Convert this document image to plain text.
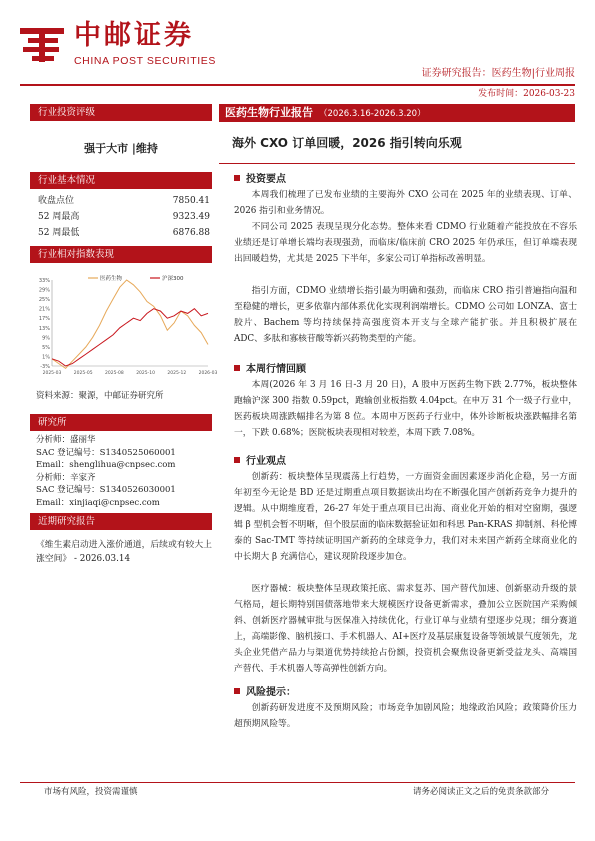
中邮证券
CHINA POST SECURITIES
证券研究报告：医药生物|行业周报
发布时间：2026-03-23
行业投资评级
强于大市 |维持
行业基本情况
收盘点位	7850.41
52 周最高	9323.49
52 周最低	6876.88
行业相对指数表现
-3%
1%
5%
9%
13%
17%
21%
25%
29%
33%
2025-03	2025-05	2025-08	2025-10	2025-12	2026-03
医药生物	沪深300
资料来源：聚源，中邮证券研究所
研究所
分析师：盛丽华
SAC 登记编号：S1340525060001
Email：shenglihua@cnpsec.com
分析师：辛家齐
SAC 登记编号：S1340526030001
Email：xinjiaqi@cnpsec.com
近期研究报告
《维生素启动进入涨价通道，后续或有较大上涨空间》 - 2026.03.14
医药生物行业报告 （2026.3.16-2026.3.20）
海外 CXO 订单回暖，2026 指引转向乐观
投资要点
本周我们梳理了已发布业绩的主要海外 CXO 公司在 2025 年的业绩表现、订单、2026 指引和业务情况。
不同公司 2025 表现呈现分化态势。整体来看 CDMO 行业随着产能投放在不容乐业绩还是订单增长端均表现强劲，而临床/临床前 CRO 2025 年仍承压，但订单端表现出回暖趋势，尤其是 2025 下半年，多家公司订单指标改善明显。
指引方面，CDMO 业绩增长指引最为明确和强劲，而临床 CRO 指引普遍指向温和至稳健的增长，更多依靠内部体系优化实现利润端增长。CDMO 公司如 LONZA、富士胶片、Bachem 等均持续保持高强度资本开支与全球产能扩张。并且积极扩展在 ADC、多肽和寡核苷酸等新兴药物类型的产能。
本周行情回顾
本周(2026 年 3 月 16 日-3 月 20 日)，A 股申万医药生物下跌 2.77%，板块整体跑输沪深 300 指数 0.59pct，跑输创业板指数 4.04pct。在申万 31 个一级子行业中，医药板块周涨跌幅排名为第 8 位。本周申万医药子行业中，体外诊断板块涨跌幅排名第一，下跌 0.68%；医院板块表现相对较差，本周下跌 7.08%。
行业观点
创新药：板块整体呈现震荡上行趋势，一方面资金面因素逐步消化企稳，另一方面年初至今无论是 BD 还是过期重点项目数据读出均在不断强化国产创新药竞争力提升的逻辑。从中期维度看，26-27 年处于重点项目已出海、商业化开始的相对空窗期，强逻辑 β 型机会暂不明晰，但个股层面的临床数据验证如和科思 Pan-KRAS 抑制剂、科伦博泰的 Sac-TMT 等持续证明国产新药的全球竞争力，我们对未来国产新药全球商业化的中长期大 β 充满信心，建议现阶段逐步加仓。
医疗器械：板块整体呈现政策托底、需求复苏、国产替代加速、创新驱动升级的景气格局，超长期特别国债落地带来大规模医疗设备更新需求，叠加公立医院国产采购倾斜、创新医疗器械审批与医保准入持续优化，行业订单与业绩有望逐步兑现；细分赛道上，高端影像、脑机接口、手术机器人、AI+医疗及基层康复设备等领域景气度领先，龙头企业凭借产品力与渠道优势持续抢占份额，投资机会聚焦设备更新受益龙头、高端国产替代、手术机器人等高弹性创新方向。
风险提示：
创新药研发进度不及预期风险；市场竞争加剧风险；地缘政治风险；政策降价压力超预期风险等。
市场有风险，投资需谨慎	请务必阅读正文之后的免责条款部分
